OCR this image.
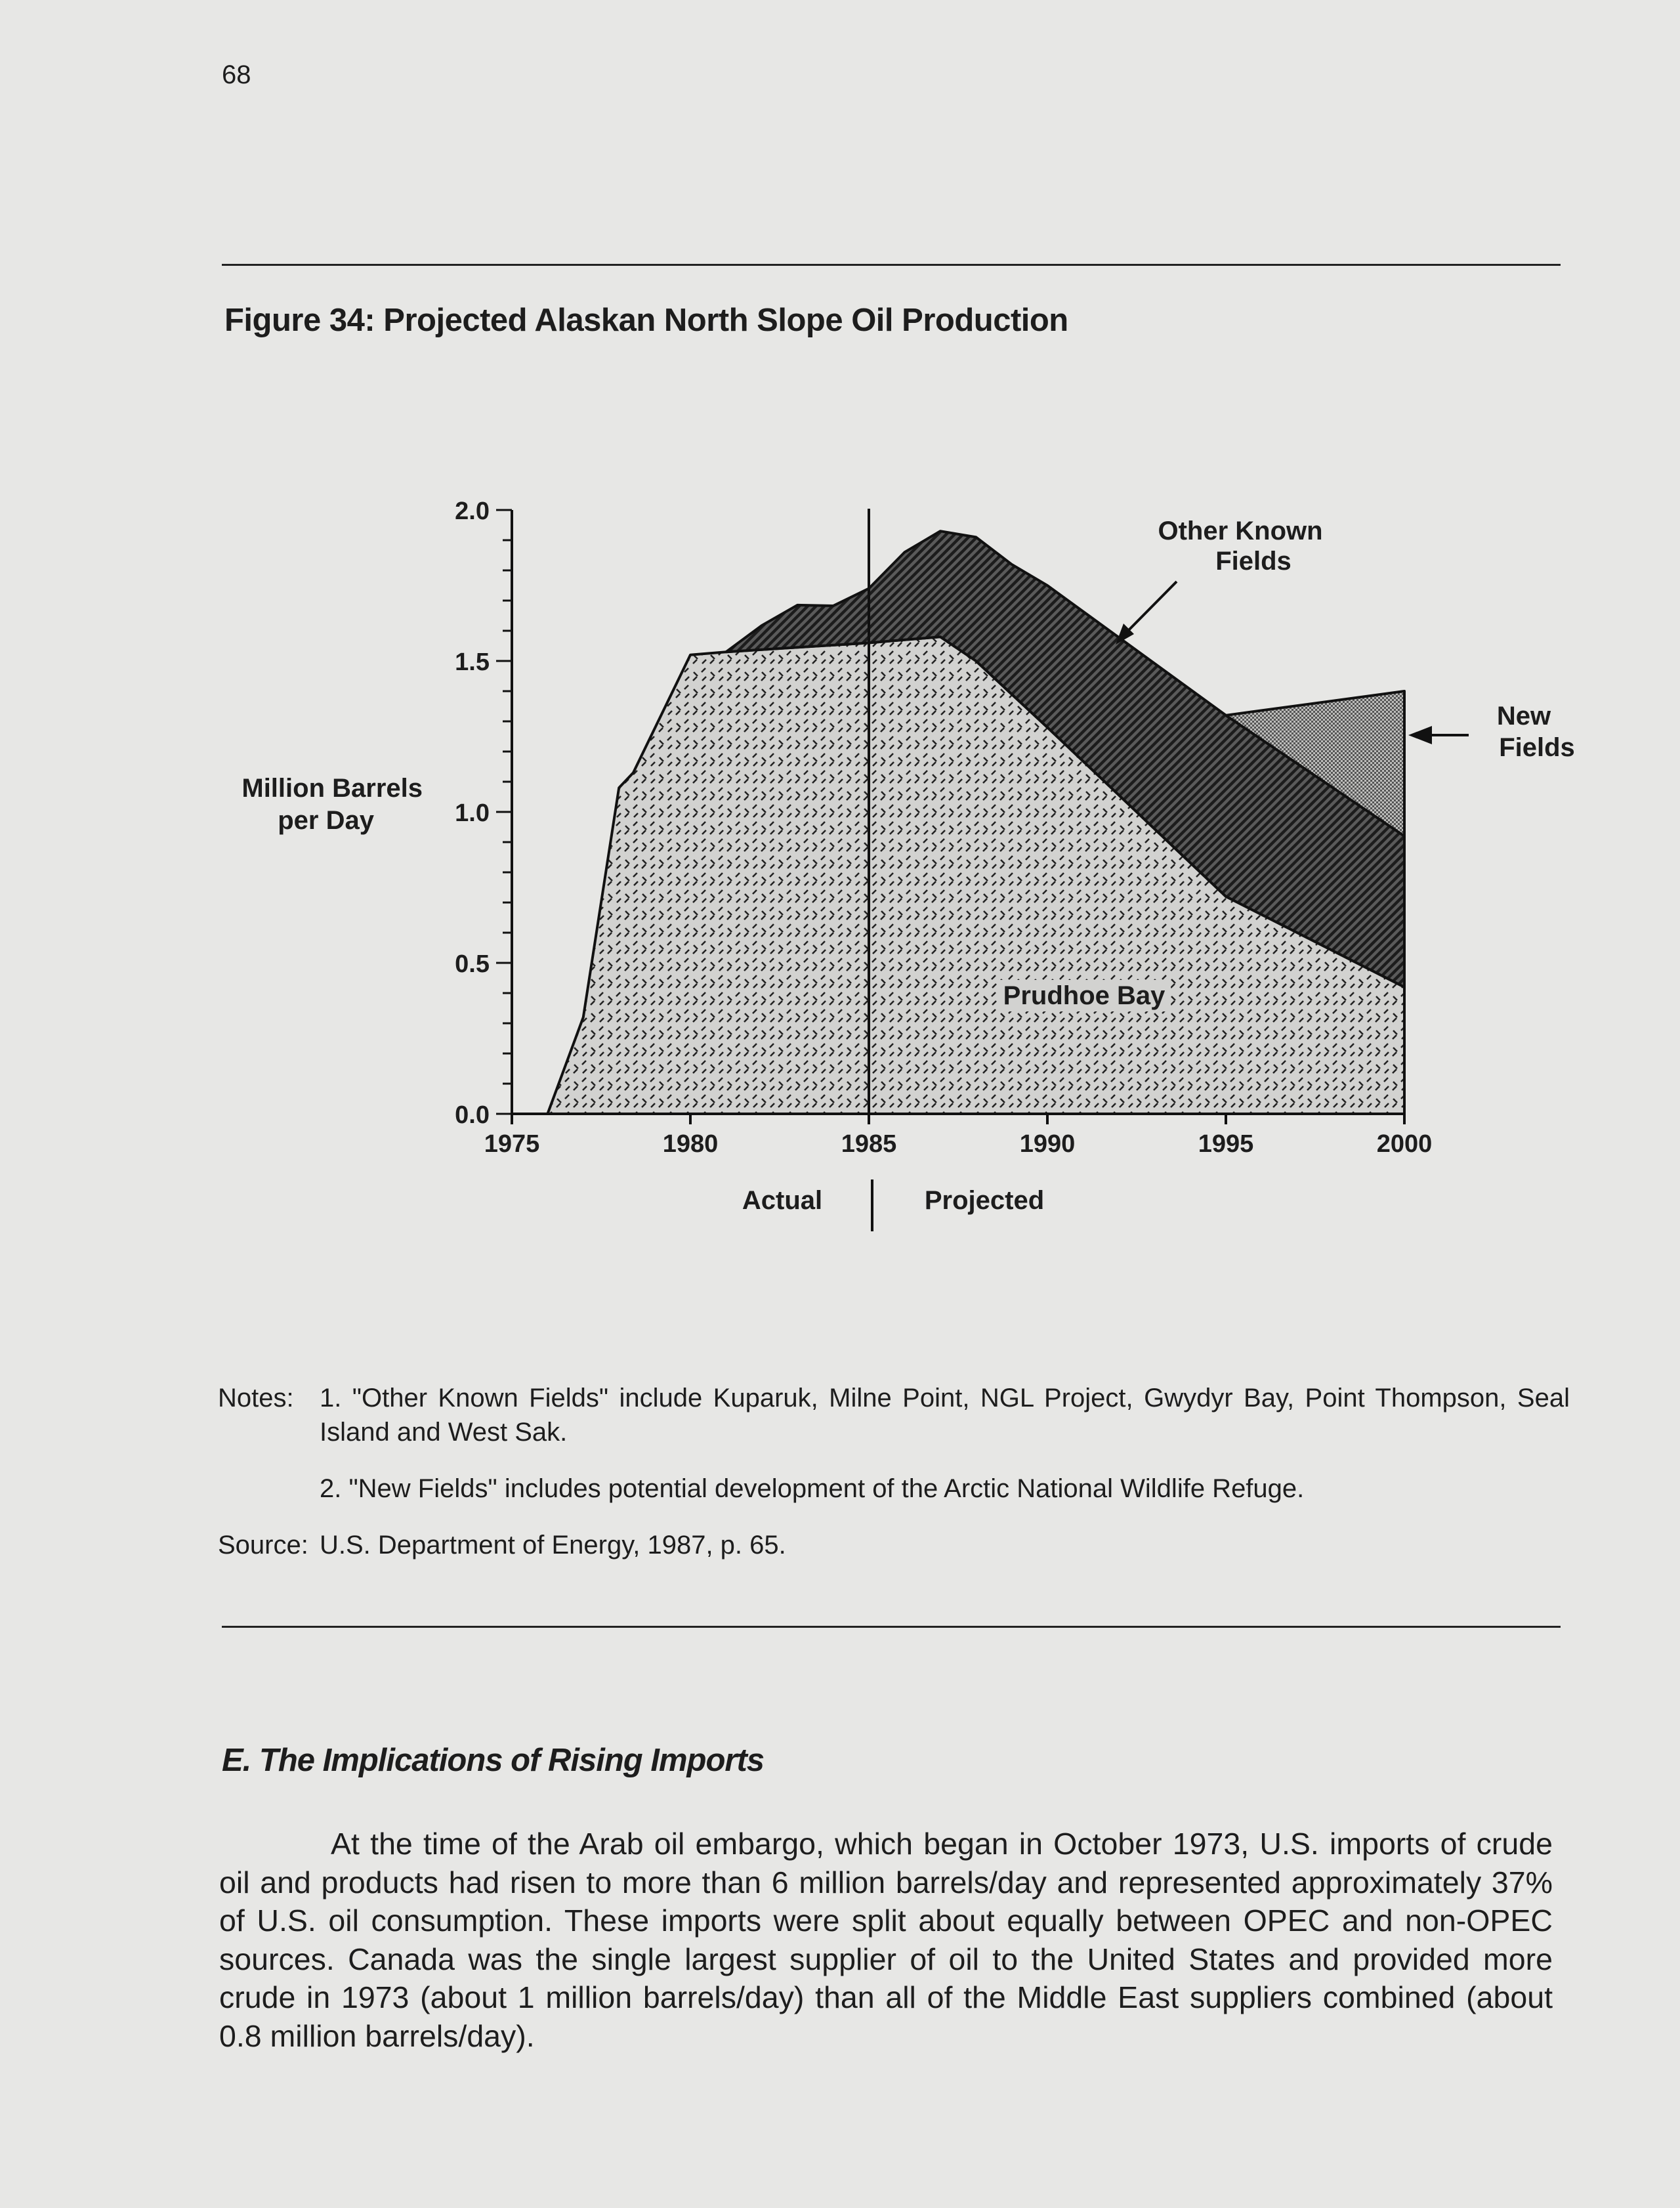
68
Figure 34: Projected Alaskan North Slope Oil Production
0.0
0.5
1.0
1.5
2.0
1975	1980	1985	1990	1995	2000
Million Barrels
per Day
Other Known
Fields
New
Fields
Prudhoe Bay
Actual	Projected
Notes: 1. "Other Known Fields" include Kuparuk, Milne Point, NGL Project, Gwydyr Bay, Point Thompson, Seal Island and West Sak.
2. "New Fields" includes potential development of the Arctic National Wildlife Refuge.
Source: U.S. Department of Energy, 1987, p. 65.
E. The Implications of Rising Imports
At the time of the Arab oil embargo, which began in October 1973, U.S. imports of crude oil and products had risen to more than 6 million barrels/day and represented approximately 37% of U.S. oil consumption. These imports were split about equally between OPEC and non-OPEC sources. Canada was the single largest supplier of oil to the United States and provided more crude in 1973 (about 1 million barrels/day) than all of the Middle East suppliers combined (about 0.8 million barrels/day).
